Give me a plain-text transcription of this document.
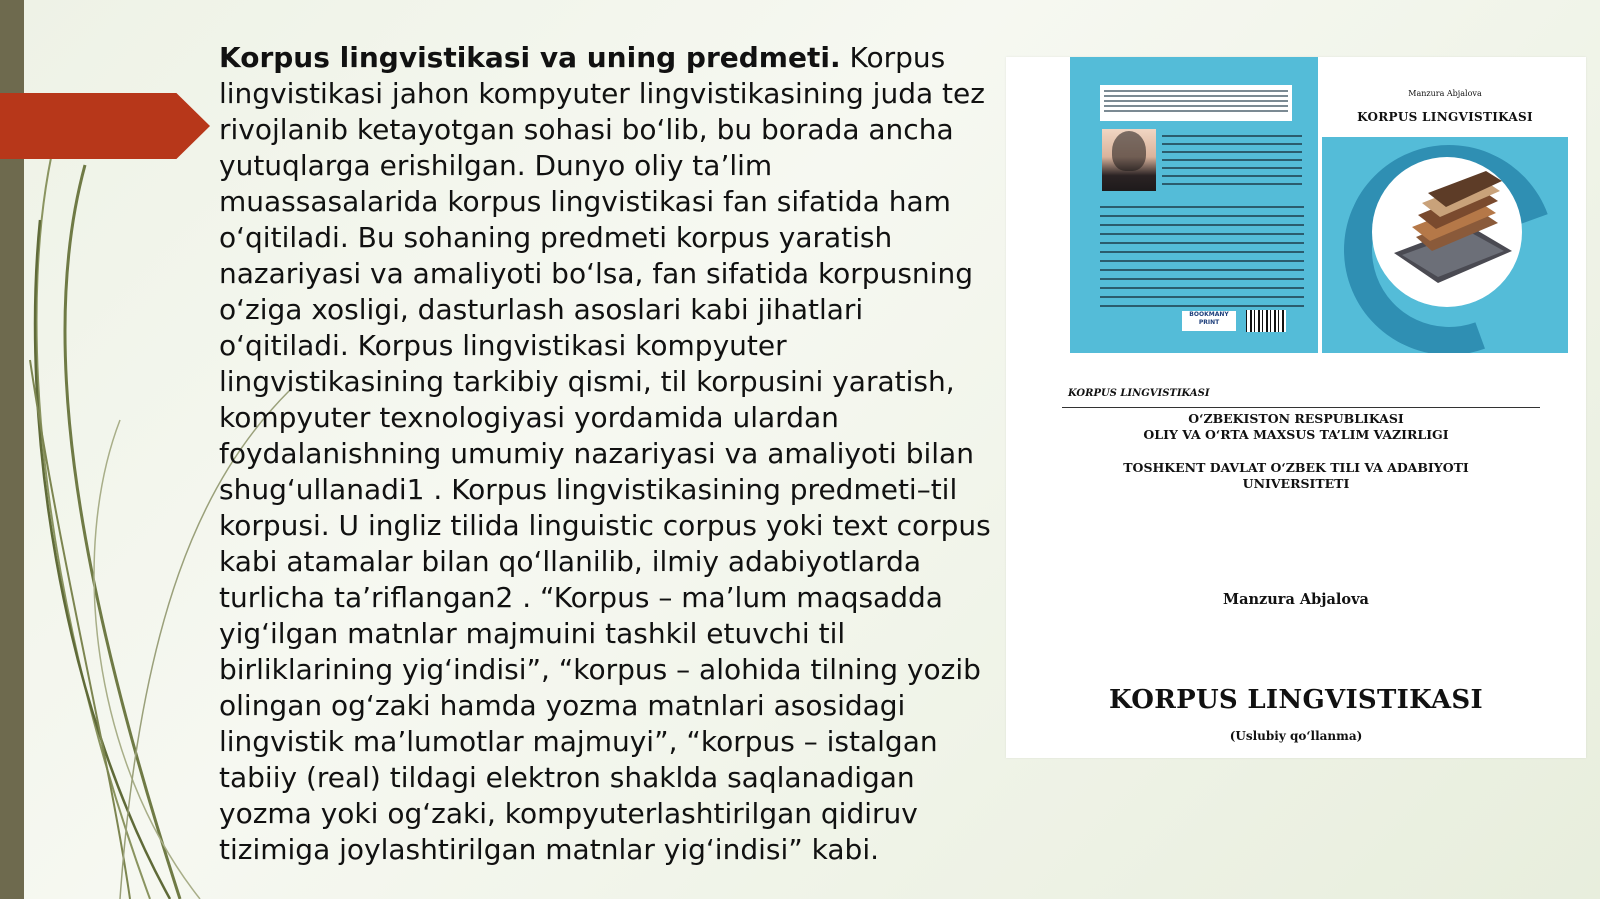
Korpus lingvistikasi va uning predmeti. Korpus lingvistikasi jahon kompyuter lingvistikasining juda tez rivojlanib ketayotgan sohasi bo‘lib, bu borada ancha yutuqlarga erishilgan. Dunyo oliy ta’lim muassasalarida korpus lingvistikasi fan sifatida ham o‘qitiladi. Bu sohaning predmeti korpus yaratish nazariyasi va amaliyoti bo‘lsa, fan sifatida korpusning o‘ziga xosligi, dasturlash asoslari kabi jihatlari o‘qitiladi. Korpus lingvistikasi kompyuter lingvistikasining tarkibiy qismi, til korpusini yaratish, kompyuter texnologiyasi yordamida ulardan foydalanishning umumiy nazariyasi va amaliyoti bilan shug‘ullanadi1 . Korpus lingvistikasining predmeti–til korpusi. U ingliz tilida linguistic corpus yoki text corpus kabi atamalar bilan qo‘llanilib, ilmiy adabiyotlarda turlicha ta’riflangan2 . “Korpus – ma’lum maqsadda yig‘ilgan matnlar majmuini tashkil etuvchi til birliklarining yig‘indisi”, “korpus – alohida tilning yozib olingan og‘zaki hamda yozma matnlari asosidagi lingvistik ma’lumotlar majmuyi”, “korpus – istalgan tabiiy (real) tildagi elektron shaklda saqlanadigan yozma yoki og‘zaki, kompyuterlashtirilgan qidiruv tizimiga joylashtirilgan matnlar yig‘indisi” kabi.
BOOKMANY PRINT
Manzura Abjalova
KORPUS LINGVISTIKASI
KORPUS LINGVISTIKASI
O‘ZBEKISTON RESPUBLIKASI
OLIY VA O‘RTA MAXSUS TA’LIM VAZIRLIGI
TOSHKENT DAVLAT O‘ZBEK TILI VA ADABIYOTI
UNIVERSITETI
Manzura Abjalova
KORPUS LINGVISTIKASI
(Uslubiy qo‘llanma)
